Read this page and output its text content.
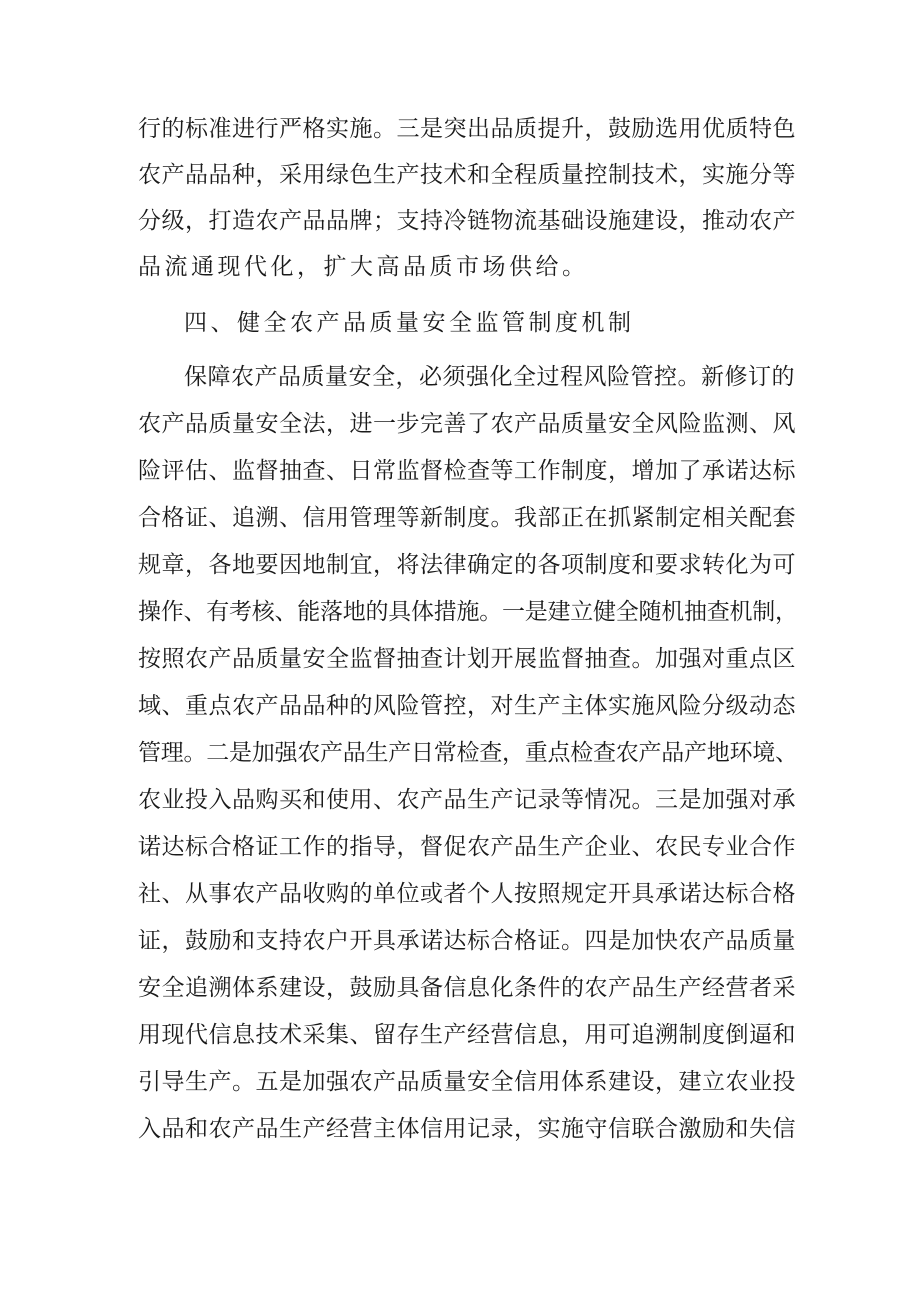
行的标准进行严格实施。三是突出品质提升，鼓励选用优质特色
农产品品种，采用绿色生产技术和全程质量控制技术，实施分等
分级，打造农产品品牌；支持冷链物流基础设施建设，推动农产
品流通现代化，扩大高品质市场供给。
四、健全农产品质量安全监管制度机制
保障农产品质量安全，必须强化全过程风险管控。新修订的
农产品质量安全法，进一步完善了农产品质量安全风险监测、风
险评估、监督抽查、日常监督检查等工作制度，增加了承诺达标
合格证、追溯、信用管理等新制度。我部正在抓紧制定相关配套
规章，各地要因地制宜，将法律确定的各项制度和要求转化为可
操作、有考核、能落地的具体措施。一是建立健全随机抽查机制，
按照农产品质量安全监督抽查计划开展监督抽查。加强对重点区
域、重点农产品品种的风险管控，对生产主体实施风险分级动态
管理。二是加强农产品生产日常检查，重点检查农产品产地环境、
农业投入品购买和使用、农产品生产记录等情况。三是加强对承
诺达标合格证工作的指导，督促农产品生产企业、农民专业合作
社、从事农产品收购的单位或者个人按照规定开具承诺达标合格
证，鼓励和支持农户开具承诺达标合格证。四是加快农产品质量
安全追溯体系建设，鼓励具备信息化条件的农产品生产经营者采
用现代信息技术采集、留存生产经营信息，用可追溯制度倒逼和
引导生产。五是加强农产品质量安全信用体系建设，建立农业投
入品和农产品生产经营主体信用记录，实施守信联合激励和失信
